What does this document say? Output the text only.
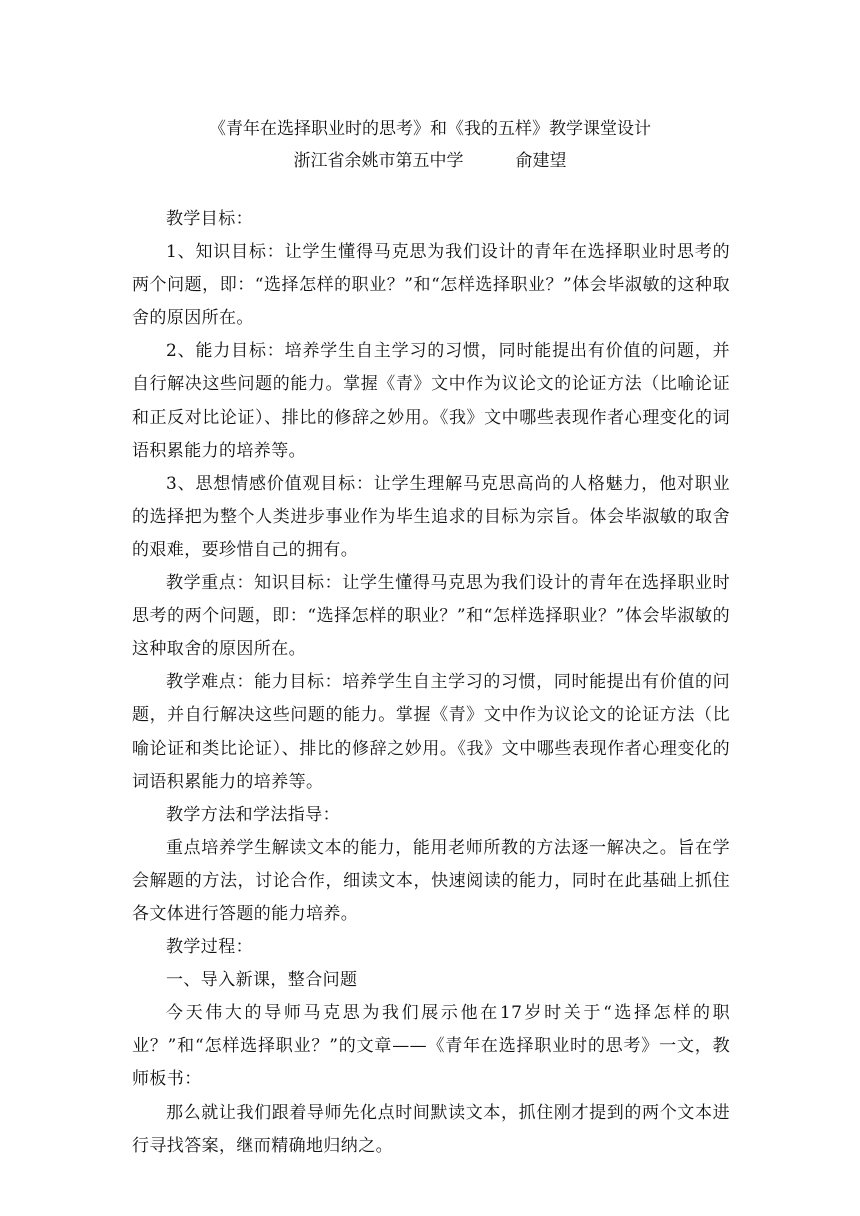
《青年在选择职业时的思考》和《我的五样》教学课堂设计
浙江省余姚市第五中学	俞建望

教学目标：

1、知识目标：让学生懂得马克思为我们设计的青年在选择职业时思考的两个问题，即：“选择怎样的职业？”和“怎样选择职业？”体会毕淑敏的这种取舍的原因所在。

2、能力目标：培养学生自主学习的习惯，同时能提出有价值的问题，并自行解决这些问题的能力。掌握《青》文中作为议论文的论证方法（比喻论证和正反对比论证）、排比的修辞之妙用。《我》文中哪些表现作者心理变化的词语积累能力的培养等。

3、思想情感价值观目标：让学生理解马克思高尚的人格魅力，他对职业的选择把为整个人类进步事业作为毕生追求的目标为宗旨。体会毕淑敏的取舍的艰难，要珍惜自己的拥有。

教学重点：知识目标：让学生懂得马克思为我们设计的青年在选择职业时思考的两个问题，即：“选择怎样的职业？”和“怎样选择职业？”体会毕淑敏的这种取舍的原因所在。

教学难点：能力目标：培养学生自主学习的习惯，同时能提出有价值的问题，并自行解决这些问题的能力。掌握《青》文中作为议论文的论证方法（比喻论证和类比论证）、排比的修辞之妙用。《我》文中哪些表现作者心理变化的词语积累能力的培养等。

教学方法和学法指导：

重点培养学生解读文本的能力，能用老师所教的方法逐一解决之。旨在学会解题的方法，讨论合作，细读文本，快速阅读的能力，同时在此基础上抓住各文体进行答题的能力培养。

教学过程：

一、导入新课，整合问题

今天伟大的导师马克思为我们展示他在17岁时关于“选择怎样的职业？”和“怎样选择职业？”的文章——《青年在选择职业时的思考》一文，教师板书：

那么就让我们跟着导师先化点时间默读文本，抓住刚才提到的两个文本进行寻找答案，继而精确地归纳之。
